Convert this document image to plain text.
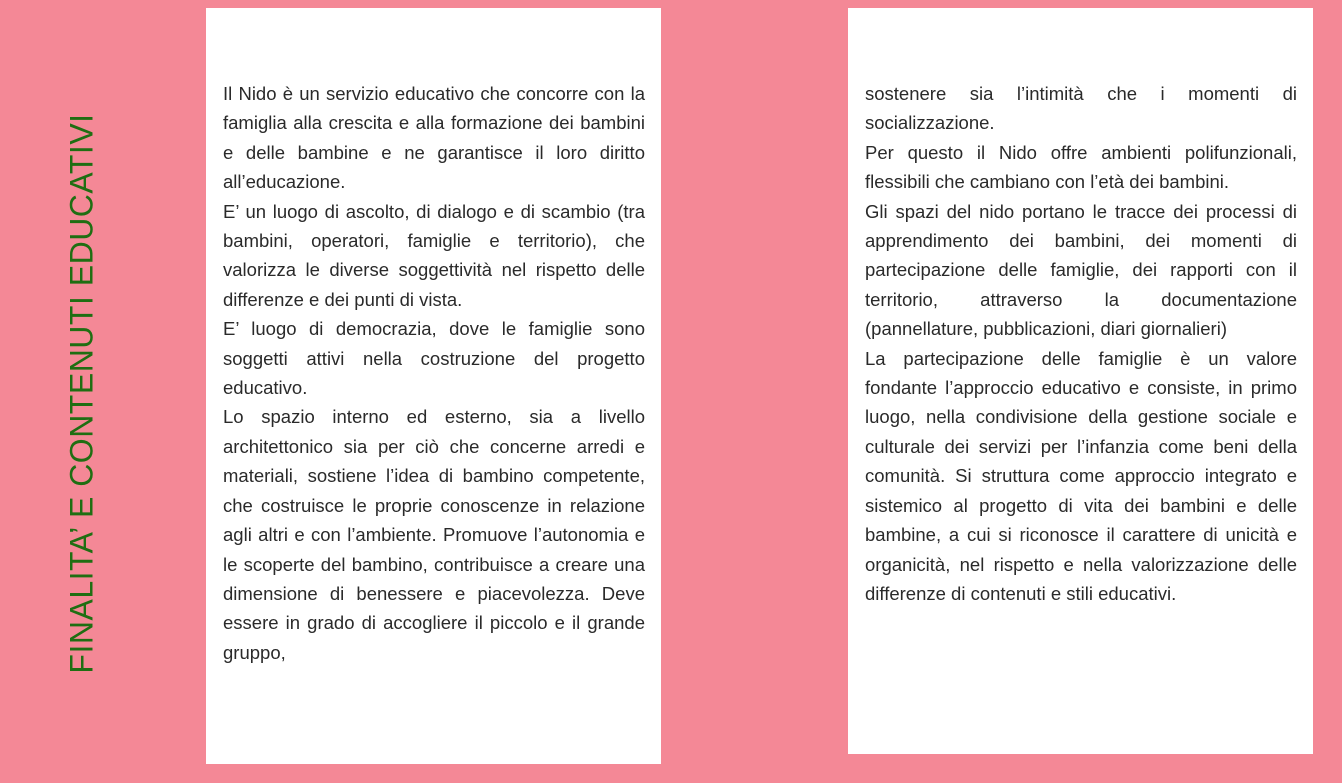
FINALITA’ E CONTENUTI EDUCATIVI

Il Nido è un servizio educativo che concorre con la famiglia alla crescita e alla formazione dei bambini e delle bambine e ne garantisce il loro diritto all’educazione.

E’ un luogo di ascolto, di dialogo e di scambio (tra bambini, operatori, famiglie e territorio), che valorizza le diverse soggettività nel rispetto delle differenze e dei punti di vista.

E’ luogo di democrazia, dove le famiglie sono soggetti attivi nella costruzione del progetto educativo.

Lo spazio interno ed esterno, sia a livello architettonico sia per ciò che concerne arredi e materiali, sostiene l’idea di bambino competente, che costruisce le proprie conoscenze in relazione agli altri e con l’ambiente. Promuove l’autonomia e le scoperte del bambino, contribuisce a creare una dimensione di benessere e piacevolezza. Deve essere in grado di accogliere il piccolo e il grande gruppo,

sostenere sia l’intimità che i momenti di socializzazione.

Per questo il Nido offre ambienti polifunzionali, flessibili che cambiano con l’età dei bambini.

Gli spazi del nido portano le tracce dei processi di apprendimento dei bambini, dei momenti di partecipazione delle famiglie, dei rapporti con il territorio, attraverso la documentazione (pannellature, pubblicazioni, diari giornalieri)

La partecipazione delle famiglie è un valore fondante l’approccio educativo e consiste, in primo luogo, nella condivisione della gestione sociale e culturale dei servizi per l’infanzia come beni della comunità. Si struttura come approccio integrato e sistemico al progetto di vita dei bambini e delle bambine, a cui si riconosce il carattere di unicità e organicità, nel rispetto e nella valorizzazione delle differenze di contenuti e stili educativi.
